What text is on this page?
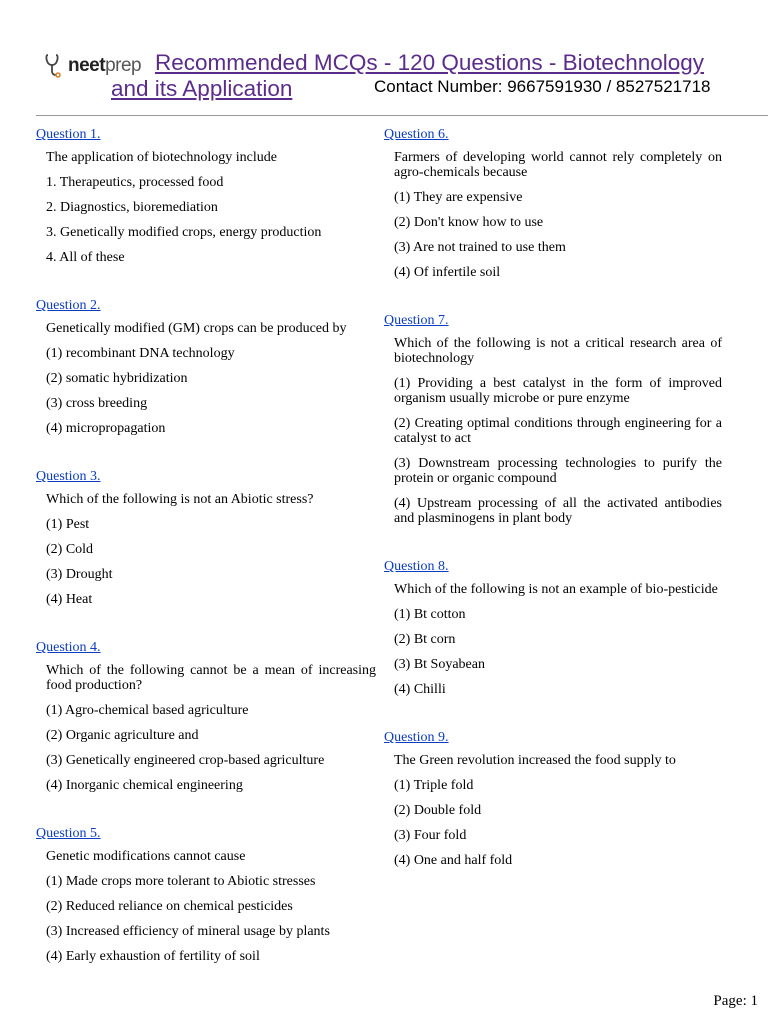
neetprep Recommended MCQs - 120 Questions - Biotechnology
and its Application	Contact Number: 9667591930 / 8527521718
Question 1.

The application of biotechnology include

1. Therapeutics, processed food

2. Diagnostics, bioremediation

3. Genetically modified crops, energy production

4. All of these

Question 2.

Genetically modified (GM) crops can be produced by

(1) recombinant DNA technology

(2) somatic hybridization

(3) cross breeding

(4) micropropagation

Question 3.

Which of the following is not an Abiotic stress?

(1) Pest

(2) Cold

(3) Drought

(4) Heat

Question 4.

Which of the following cannot be a mean of increasing food production?

(1) Agro-chemical based agriculture

(2) Organic agriculture and

(3) Genetically engineered crop-based agriculture

(4) Inorganic chemical engineering

Question 5.

Genetic modifications cannot cause

(1) Made crops more tolerant to Abiotic stresses

(2) Reduced reliance on chemical pesticides

(3) Increased efficiency of mineral usage by plants

(4) Early exhaustion of fertility of soil

Question 6.

Farmers of developing world cannot rely completely on agro-chemicals because

(1) They are expensive

(2) Don't know how to use

(3) Are not trained to use them

(4) Of infertile soil

Question 7.

Which of the following is not a critical research area of biotechnology

(1) Providing a best catalyst in the form of improved organism usually microbe or pure enzyme

(2) Creating optimal conditions through engineering for a catalyst to act

(3) Downstream processing technologies to purify the protein or organic compound

(4) Upstream processing of all the activated antibodies and plasminogens in plant body

Question 8.

Which of the following is not an example of bio-pesticide

(1) Bt cotton

(2) Bt corn

(3) Bt Soyabean

(4) Chilli

Question 9.

The Green revolution increased the food supply to

(1) Triple fold

(2) Double fold

(3) Four fold

(4) One and half fold

Page: 1
